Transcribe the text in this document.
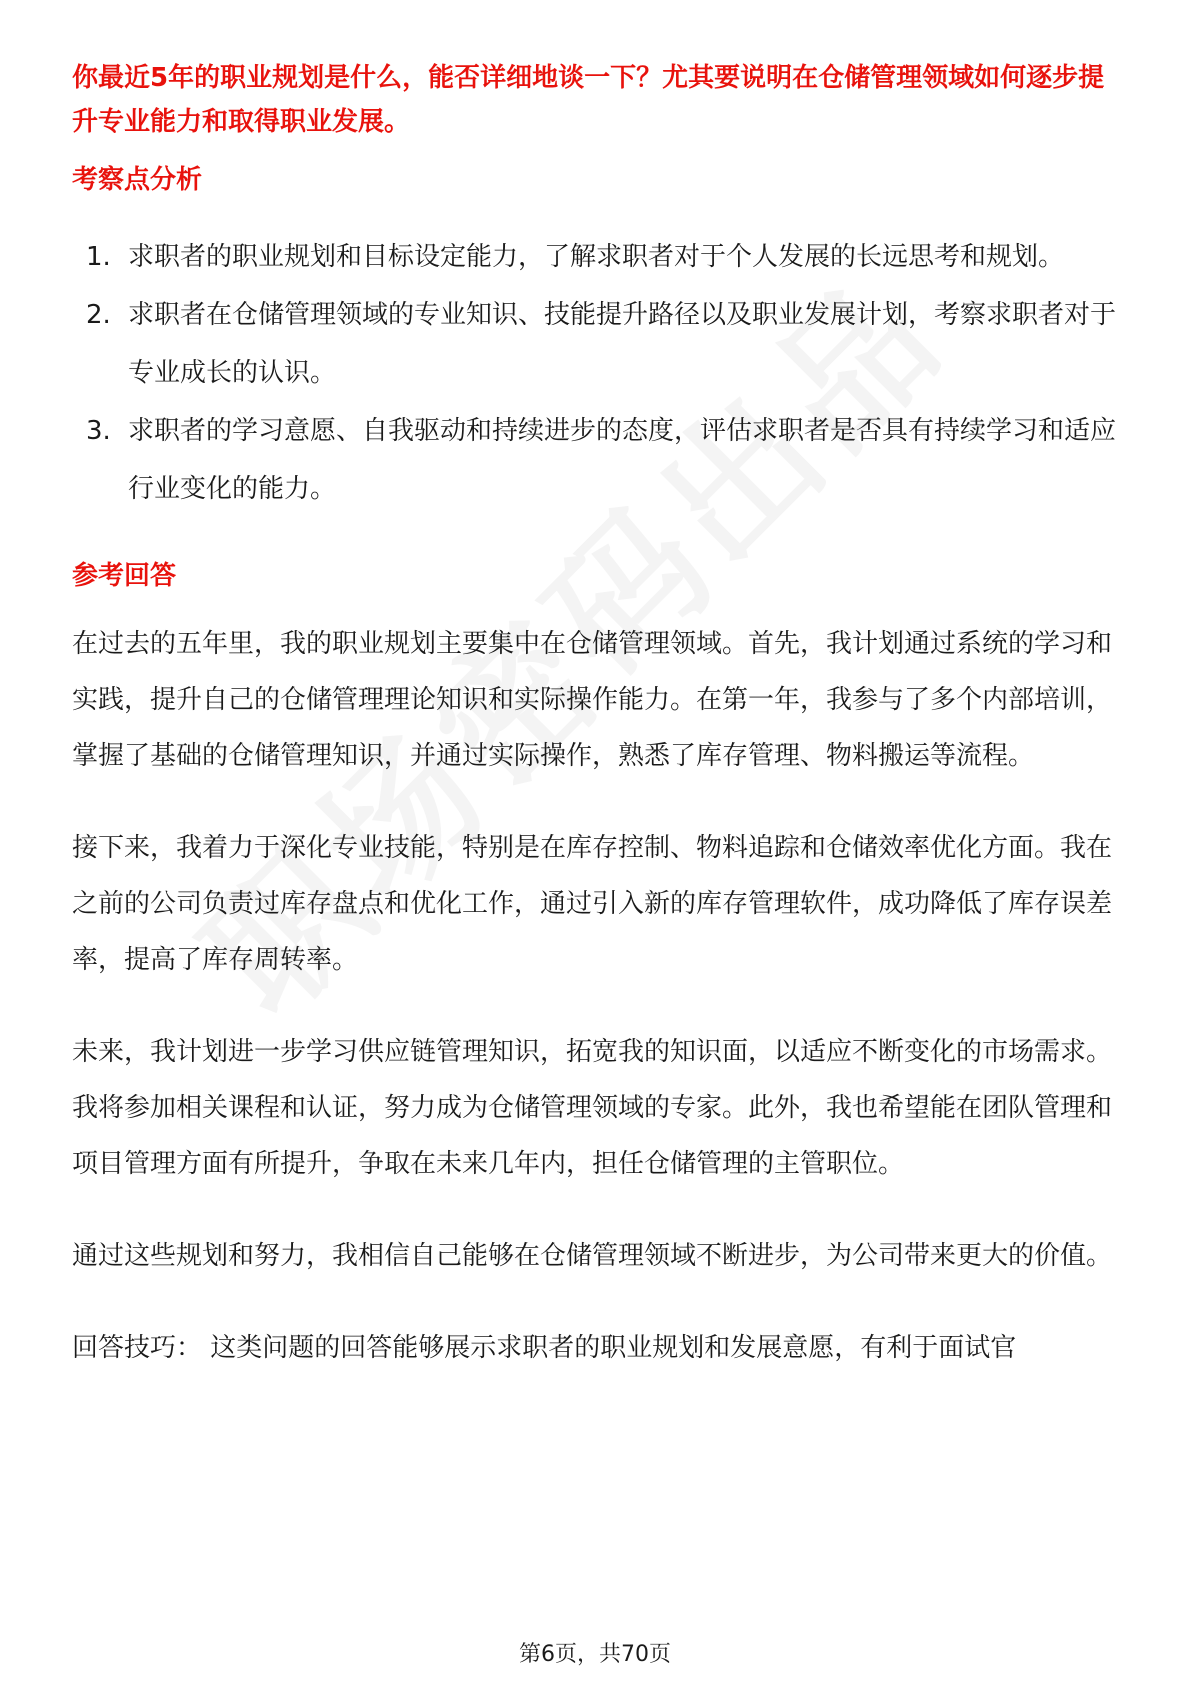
你最近5年的职业规划是什么，能否详细地谈一下？尤其要说明在仓储管理领域如何逐步提升专业能力和取得职业发展。

考察点分析
1. 求职者的职业规划和目标设定能力，了解求职者对于个人发展的长远思考和规划。
2. 求职者在仓储管理领域的专业知识、技能提升路径以及职业发展计划，考察求职者对于专业成长的认识。
3. 求职者的学习意愿、自我驱动和持续进步的态度，评估求职者是否具有持续学习和适应行业变化的能力。
参考回答

在过去的五年里，我的职业规划主要集中在仓储管理领域。首先，我计划通过系统的学习和实践，提升自己的仓储管理理论知识和实际操作能力。在第一年，我参与了多个内部培训，掌握了基础的仓储管理知识，并通过实际操作，熟悉了库存管理、物料搬运等流程。

接下来，我着力于深化专业技能，特别是在库存控制、物料追踪和仓储效率优化方面。我在之前的公司负责过库存盘点和优化工作，通过引入新的库存管理软件，成功降低了库存误差率，提高了库存周转率。

未来，我计划进一步学习供应链管理知识，拓宽我的知识面，以适应不断变化的市场需求。我将参加相关课程和认证，努力成为仓储管理领域的专家。此外，我也希望能在团队管理和项目管理方面有所提升，争取在未来几年内，担任仓储管理的主管职位。

通过这些规划和努力，我相信自己能够在仓储管理领域不断进步，为公司带来更大的价值。

回答技巧： 这类问题的回答能够展示求职者的职业规划和发展意愿，有利于面试官

第6页，共70页
